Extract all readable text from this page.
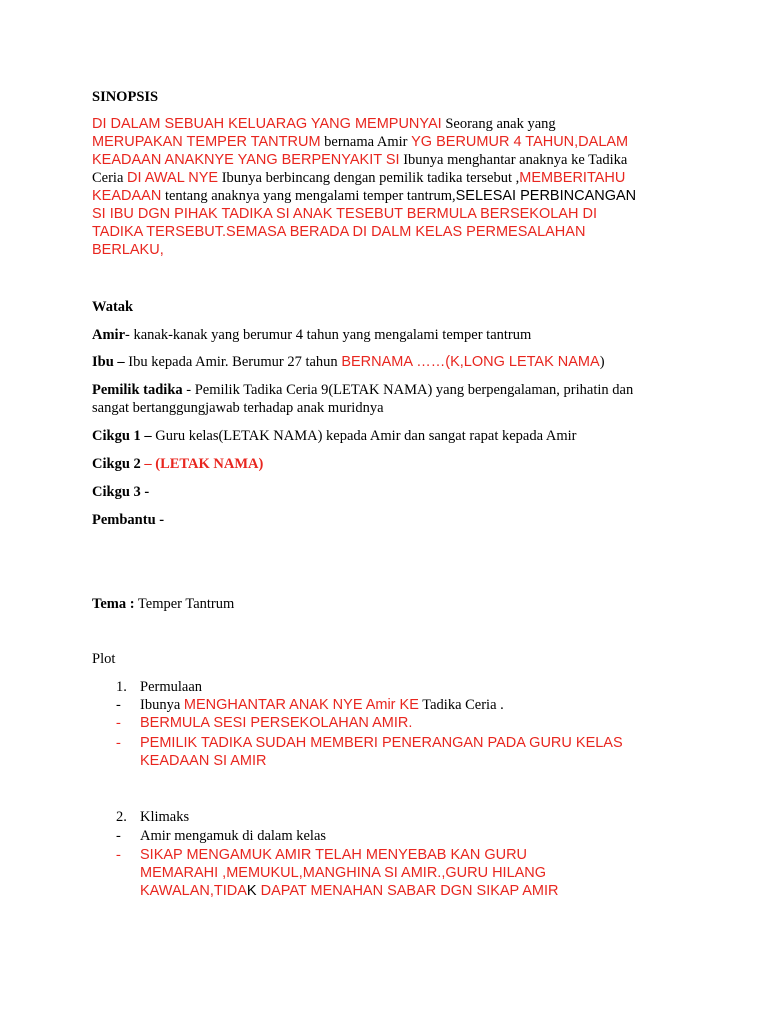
SINOPSIS
DI DALAM SEBUAH KELUARAG YANG MEMPUNYAI Seorang anak yang
MERUPAKAN TEMPER TANTRUM bernama Amir YG BERUMUR 4 TAHUN,DALAM
KEADAAN ANAKNYE YANG BERPENYAKIT SI Ibunya menghantar anaknya ke Tadika
Ceria DI AWAL NYE Ibunya berbincang dengan pemilik tadika tersebut ,MEMBERITAHU
KEADAAN tentang anaknya yang mengalami temper tantrum,SELESAI PERBINCANGAN
SI IBU DGN PIHAK TADIKA SI ANAK TESEBUT BERMULA BERSEKOLAH DI
TADIKA TERSEBUT.SEMASA BERADA DI DALM KELAS PERMESALAHAN
BERLAKU,
Watak
Amir- kanak-kanak yang berumur 4 tahun yang mengalami temper tantrum
Ibu – Ibu kepada Amir. Berumur 27 tahun BERNAMA ……(K,LONG LETAK NAMA)
Pemilik tadika - Pemilik Tadika Ceria 9(LETAK NAMA) yang berpengalaman, prihatin dan
sangat bertanggungjawab terhadap anak muridnya
Cikgu 1 – Guru kelas(LETAK NAMA) kepada Amir dan sangat rapat kepada Amir
Cikgu 2 – (LETAK NAMA)
Cikgu 3 -
Pembantu -
Tema : Temper Tantrum
Plot
1. Permulaan
- Ibunya MENGHANTAR ANAK NYE Amir KE Tadika Ceria .
- BERMULA SESI PERSEKOLAHAN AMIR.
- PEMILIK TADIKA SUDAH MEMBERI PENERANGAN PADA GURU KELAS
KEADAAN SI AMIR
2. Klimaks
- Amir mengamuk di dalam kelas
- SIKAP MENGAMUK AMIR TELAH MENYEBAB KAN GURU
MEMARAHI ,MEMUKUL,MANGHINA SI AMIR.,GURU HILANG
KAWALAN,TIDAK DAPAT MENAHAN SABAR DGN SIKAP AMIR
